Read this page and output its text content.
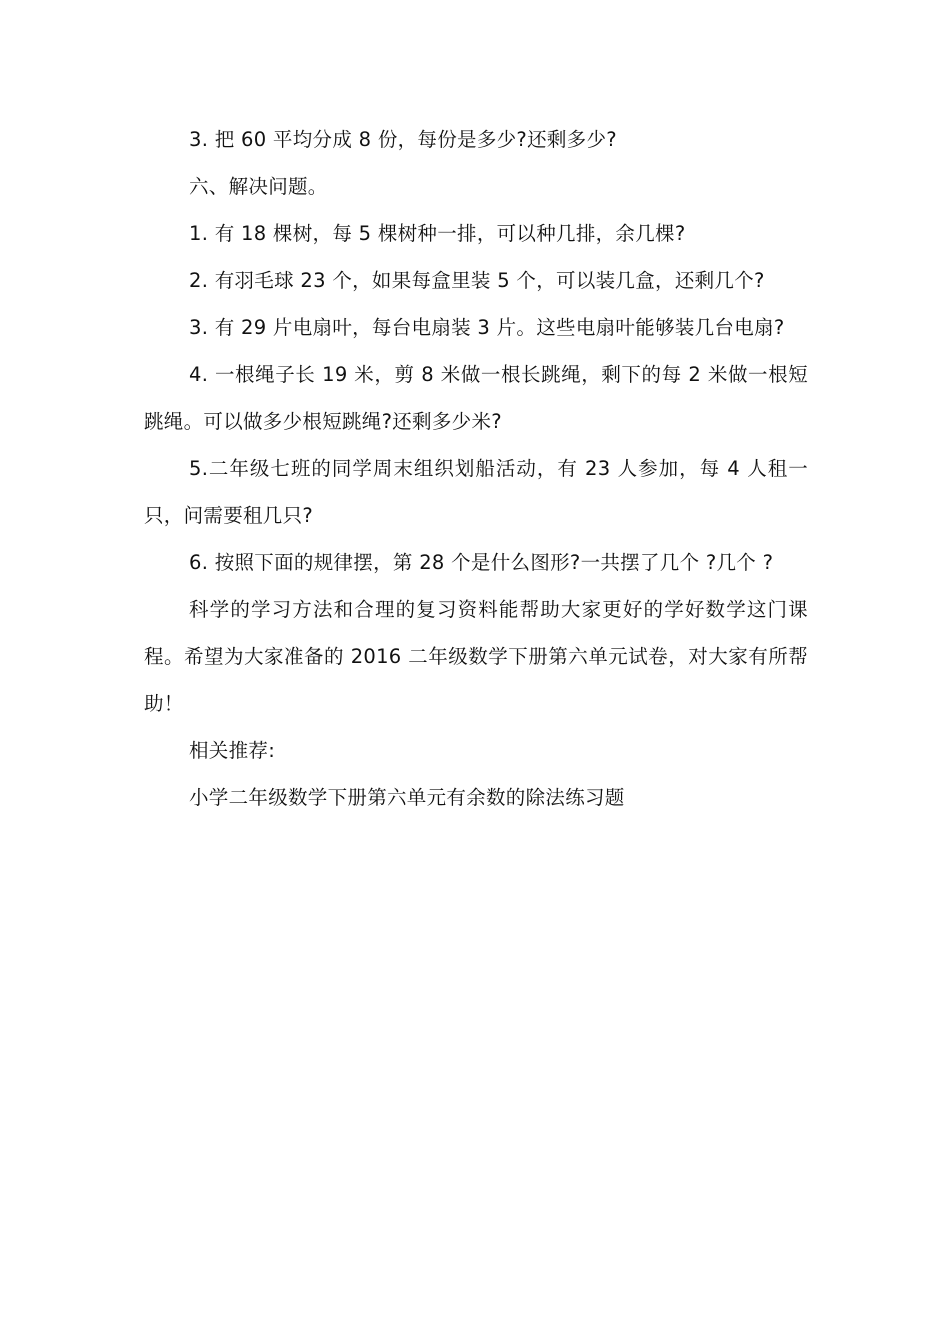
3. 把 60 平均分成 8 份，每份是多少?还剩多少?

六、解决问题。

1. 有 18 棵树，每 5 棵树种一排，可以种几排，余几棵?

2. 有羽毛球 23 个，如果每盒里装 5 个，可以装几盒，还剩几个?

3. 有 29 片电扇叶，每台电扇装 3 片。这些电扇叶能够装几台电扇?

4. 一根绳子长 19 米，剪 8 米做一根长跳绳，剩下的每 2 米做一根短跳绳。可以做多少根短跳绳?还剩多少米?

5.二年级七班的同学周末组织划船活动，有 23 人参加，每 4 人租一只，问需要租几只?

6. 按照下面的规律摆，第 28 个是什么图形?一共摆了几个 ?几个 ?

科学的学习方法和合理的复习资料能帮助大家更好的学好数学这门课程。希望为大家准备的 2016 二年级数学下册第六单元试卷，对大家有所帮助！

相关推荐:

小学二年级数学下册第六单元有余数的除法练习题
